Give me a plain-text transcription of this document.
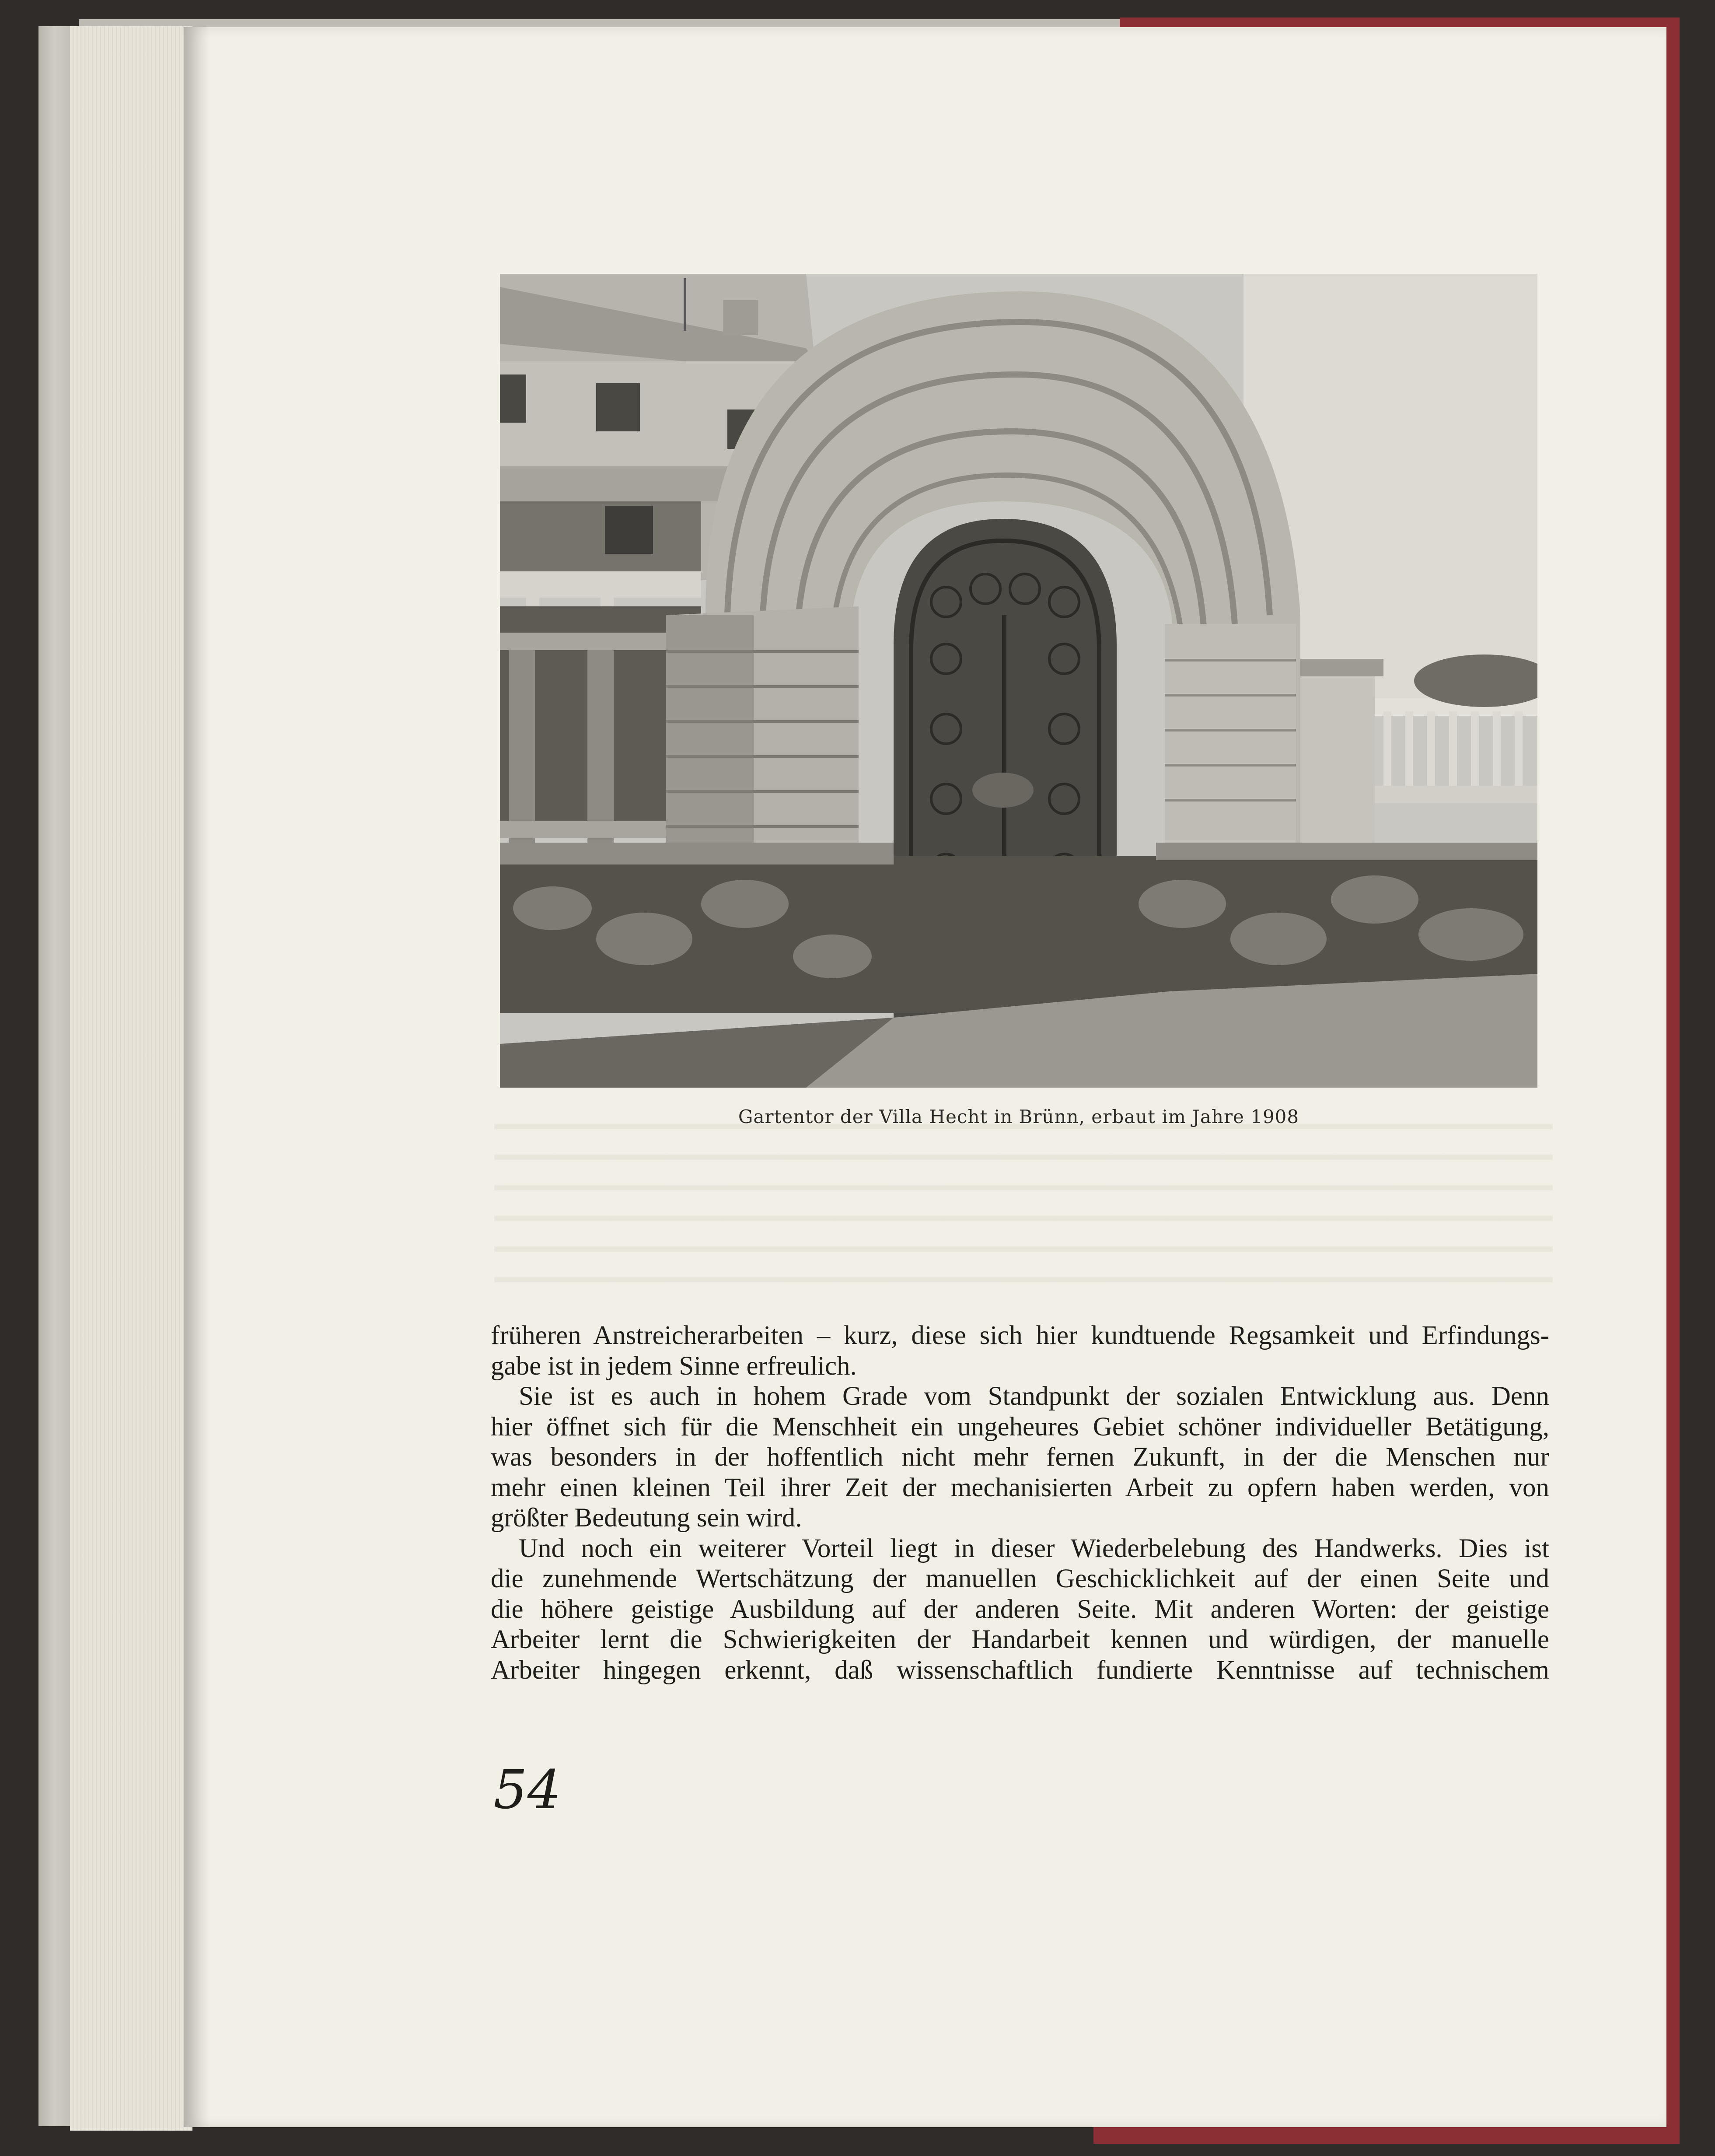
Gartentor der Villa Hecht in Brünn, erbaut im Jahre 1908

früheren Anstreicherarbeiten – kurz, diese sich hier kundtuende Regsamkeit und Erfindungs-

gabe ist in jedem Sinne erfreulich.

Sie ist es auch in hohem Grade vom Standpunkt der sozialen Entwicklung aus. Denn

hier öffnet sich für die Menschheit ein ungeheures Gebiet schöner individueller Betätigung,

was besonders in der hoffentlich nicht mehr fernen Zukunft, in der die Menschen nur

mehr einen kleinen Teil ihrer Zeit der mechanisierten Arbeit zu opfern haben werden, von

größter Bedeutung sein wird.

Und noch ein weiterer Vorteil liegt in dieser Wiederbelebung des Handwerks. Dies ist

die zunehmende Wertschätzung der manuellen Geschicklichkeit auf der einen Seite und

die höhere geistige Ausbildung auf der anderen Seite. Mit anderen Worten: der geistige

Arbeiter lernt die Schwierigkeiten der Handarbeit kennen und würdigen, der manuelle

Arbeiter hingegen erkennt, daß wissenschaftlich fundierte Kenntnisse auf technischem

54
